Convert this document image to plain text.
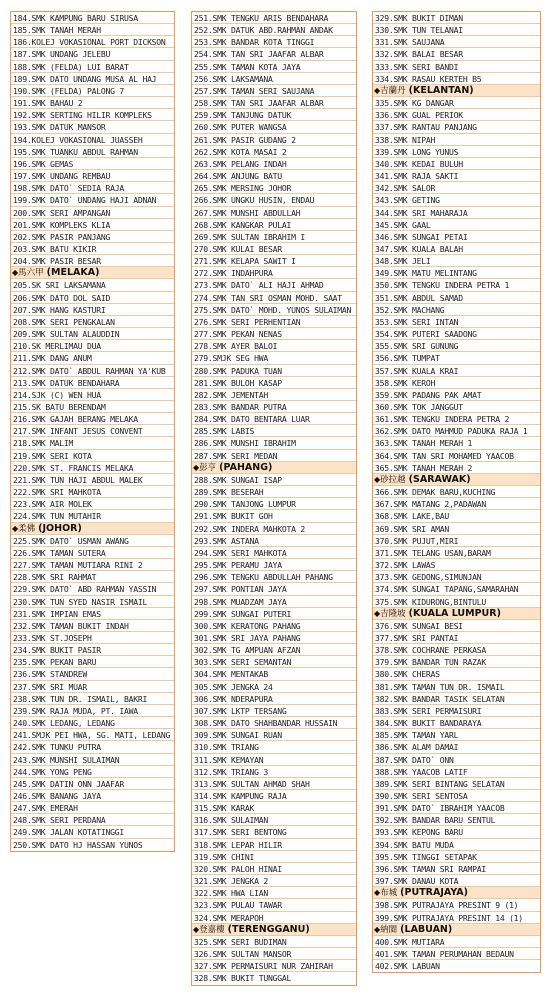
184.SMK KAMPUNG BARU SIRUSA
185.SMK TANAH MERAH
186.KOLEJ VOKASIONAL PORT DICKSON
187.SMK UNDANG JELEBU
188.SMK (FELDA) LUI BARAT
189.SMK DATO UNDANG MUSA AL HAJ
190.SMK (FELDA) PALONG 7
191.SMK BAHAU 2
192.SMK SERTING HILIR KOMPLEKS
193.SMK DATUK MANSOR
194.KOLEJ VOKASIONAL JUASSEH
195.SMK TUANKU ABDUL RAHMAN
196.SMK GEMAS
197.SMK UNDANG REMBAU
198.SMK DATO` SEDIA RAJA
199.SMK DATO` UNDANG HAJI ADNAN
200.SMK SERI AMPANGAN
201.SMK KOMPLEKS KLIA
202.SMK PASIR PANJANG
203.SMK BATU KIKIR
204.SMK PASIR BESAR
◆馬六甲 (MELAKA)
205.SK SRI LAKSAMANA
206.SMK DATO DOL SAID
207.SMK HANG KASTURI
208.SMK SERI PENGKALAN
209.SMK SULTAN ALAUDDIN
210.SK MERLIMAU DUA
211.SMK DANG ANUM
212.SMK DATO` ABDUL RAHMAN YA'KUB
213.SMK DATUK BENDAHARA
214.SJK (C) WEN HUA
215.SK BATU BERENDAM
216.SMK GAJAH BERANG MELAKA
217.SMK INFANT JESUS CONVENT
218.SMK MALIM
219.SMK SERI KOTA
220.SMK ST. FRANCIS MELAKA
221.SMK TUN HAJI ABDUL MALEK
222.SMK SRI MAHKOTA
223.SMK AIR MOLEK
224.SMK TUN MUTAHIR
◆柔佛 (JOHOR)
225.SMK DATO` USMAN AWANG
226.SMK TAMAN SUTERA
227.SMK TAMAN MUTIARA RINI 2
228.SMK SRI RAHMAT
229.SMK DATO` ABD RAHMAN YASSIN
230.SMK TUN SYED NASIR ISMAIL
231.SMK IMPIAN EMAS
232.SMK TAMAN BUKIT INDAH
233.SMK ST.JOSEPH
234.SMK BUKIT PASIR
235.SMK PEKAN BARU
236.SMK STANDREW
237.SMK SRI MUAR
238.SMK TUN DR. ISMAIL, BAKRI
239.SMK RAJA MUDA, PT. IAWA
240.SMK LEDANG, LEDANG
241.SMJK PEI HWA, SG. MATI, LEDANG
242.SMK TUNKU PUTRA
243.SMK MUNSHI SULAIMAN
244.SMK YONG PENG
245.SMK DATIN ONN JAAFAR
246.SMK BANANG JAYA
247.SMK EMERAH
248.SMK SERI PERDANA
249.SMK JALAN KOTATINGGI
250.SMK DATO HJ HASSAN YUNOS
251.SMK TENGKU ARIS BENDAHARA
252.SMK DATUK ABD.RAHMAN ANDAK
253.SMK BANDAR KOTA TINGGI
254.SMK TAN SRI JAAFAR ALBAR
255.SMK TAMAN KOTA JAYA
256.SMK LAKSAMANA
257.SMK TAMAN SERI SAUJANA
258.SMK TAN SRI JAAFAR ALBAR
259.SMK TANJUNG DATUK
260.SMK PUTER WANGSA
261.SMK PASIR GUDANG 2
262.SMK KOTA MASAI 2
263.SMK PELANG INDAH
264.SMK ANJUNG BATU
265.SMK MERSING JOHOR
266.SMK UNGKU HUSIN, ENDAU
267.SMK MUNSHI ABDULLAH
268.SMK KANGKAR PULAI
269.SMK SULTAN IBRAHIM I
270.SMK KULAI BESAR
271.SMK KELAPA SAWIT I
272.SMK INDAHPURA
273.SMK DATO` ALI HAJI AHMAD
274.SMK TAN SRI OSMAN MOHD. SAAT
275.SMK DATO` MOHD. YUNOS SULAIMAN
276.SMK SERI PERHENTIAN
277.SMK PEKAN NENAS
278.SMK AYER BALOI
279.SMJK SEG HWA
280.SMK PADUKA TUAN
281.SMK BULOH KASAP
282.SMK JEMENTAH
283.SMK BANDAR PUTRA
284.SMK DATO BENTARA LUAR
285.SMK LABIS
286.SMK MUNSHI IBRAHIM
287.SMK SERI MEDAN
◆彭亨 (PAHANG)
288.SMK SUNGAI ISAP
289.SMK BESERAH
290.SMK TANJONG LUMPUR
291.SMK BUKIT GOH
292.SMK INDERA MAHKOTA 2
293.SMK ASTANA
294.SMK SERI MAHKOTA
295.SMK PERAMU JAYA
296.SMK TENGKU ABDULLAH PAHANG
297.SMK PONTIAN JAYA
298.SMK MUADZAM JAYA
299.SMK SUNGAI PUTERI
300.SMK KERATONG PAHANG
301.SMK SRI JAYA PAHANG
302.SMK TG AMPUAN AFZAN
303.SMK SERI SEMANTAN
304.SMK MENTAKAB
305.SMK JENGKA 24
306.SMK NDERAPURA
307.SMK LKTP TERSANG
308.SMK DATO SHAHBANDAR HUSSAIN
309.SMK SUNGAI RUAN
310.SMK TRIANG
311.SMK KEMAYAN
312.SMK TRIANG 3
313.SMK SULTAN AHMAD SHAH
314.SMK KAMPUNG RAJA
315.SMK KARAK
316.SMK SULAIMAN
317.SMK SERI BENTONG
318.SMK LEPAR HILIR
319.SMK CHINI
320.SMK PALOH HINAI
321.SMK JENGKA 2
322.SMK HWA LIAN
323.SMK PULAU TAWAR
324.SMK MERAPOH
◆登嘉樓 (TERENGGANU)
325.SMK SERI BUDIMAN
326.SMK SULTAN MANSOR
327.SMK PERMAISURI NUR ZAHIRAH
328.SMK BUKIT TUNGGAL
329.SMK BUKIT DIMAN
330.SMK TUN TELANAI
331.SMK SAUJANA
332.SMK BALAI BESAR
333.SMK SERI BANDI
334.SMK RASAU KERTEH B5
◆吉蘭丹 (KELANTAN)
335.SMK KG DANGAR
336.SMK GUAL PERIOK
337.SMK RANTAU PANJANG
338.SMK NIPAH
339.SMK LONG YUNUS
340.SMK KEDAI BULUH
341.SMK RAJA SAKTI
342.SMK SALOR
343.SMK GETING
344.SMK SRI MAHARAJA
345.SMK GAAL
346.SMK SUNGAI PETAI
347.SMK KUALA BALAH
348.SMK JELI
349.SMK MATU MELINTANG
350.SMK TENGKU INDERA PETRA 1
351.SMK ABDUL SAMAD
352.SMK MACHANG
353.SMK SERI INTAN
354.SMK PUTERI SAADONG
355.SMK SRI GUNUNG
356.SMK TUMPAT
357.SMK KUALA KRAI
358.SMK KEROH
359.SMK PADANG PAK AMAT
360.SMK TOK JANGGUT
361.SMK TENGKU INDERA PETRA 2
362.SMK DATO MAHMUD PADUKA RAJA 1
363.SMK TANAH MERAH 1
364.SMK TAN SRI MOHAMED YAACOB
365.SMK TANAH MERAH 2
◆砂拉越 (SARAWAK)
366.SMK DEMAK BARU,KUCHING
367.SMK MATANG 2,PADAWAN
368.SMK LAKE,BAU
369.SMK SRI AMAN
370.SMK PUJUT,MIRI
371.SMK TELANG USAN,BARAM
372.SMK LAWAS
373.SMK GEDONG,SIMUNJAN
374.SMK SUNGAI TAPANG,SAMARAHAN
375.SMK KIDURONG,BINTULU
◆吉隆坡 (KUALA LUMPUR)
376.SMK SUNGAI BESI
377.SMK SRI PANTAI
378.SMK COCHRANE PERKASA
379.SMK BANDAR TUN RAZAK
380.SMK CHERAS
381.SMK TAMAN TUN DR. ISMAIL
382.SMK BANDAR TASIK SELATAN
383.SMK SERI PERMAISURI
384.SMK BUKIT BANDARAYA
385.SMK TAMAN YARL
386.SMK ALAM DAMAI
387.SMK DATO` ONN
388.SMK YAACOB LATIF
389.SMK SERI BINTANG SELATAN
390.SMK SERI SENTOSA
391.SMK DATO` IBRAHIM YAACOB
392.SMK BANDAR BARU SENTUL
393.SMK KEPONG BARU
394.SMK BATU MUDA
395.SMK TINGGI SETAPAK
396.SMK TAMAN SRI RAMPAI
397.SMK DANAU KOTA
◆布城 (PUTRAJAYA)
398.SMK PUTRAJAYA PRESINT 9 (1)
399.SMK PUTRAJAYA PRESINT 14 (1)
◆納閩 (LABUAN)
400.SMK MUTIARA
401.SMK TAMAN PERUMAHAN BEDAUN
402.SMK LABUAN
